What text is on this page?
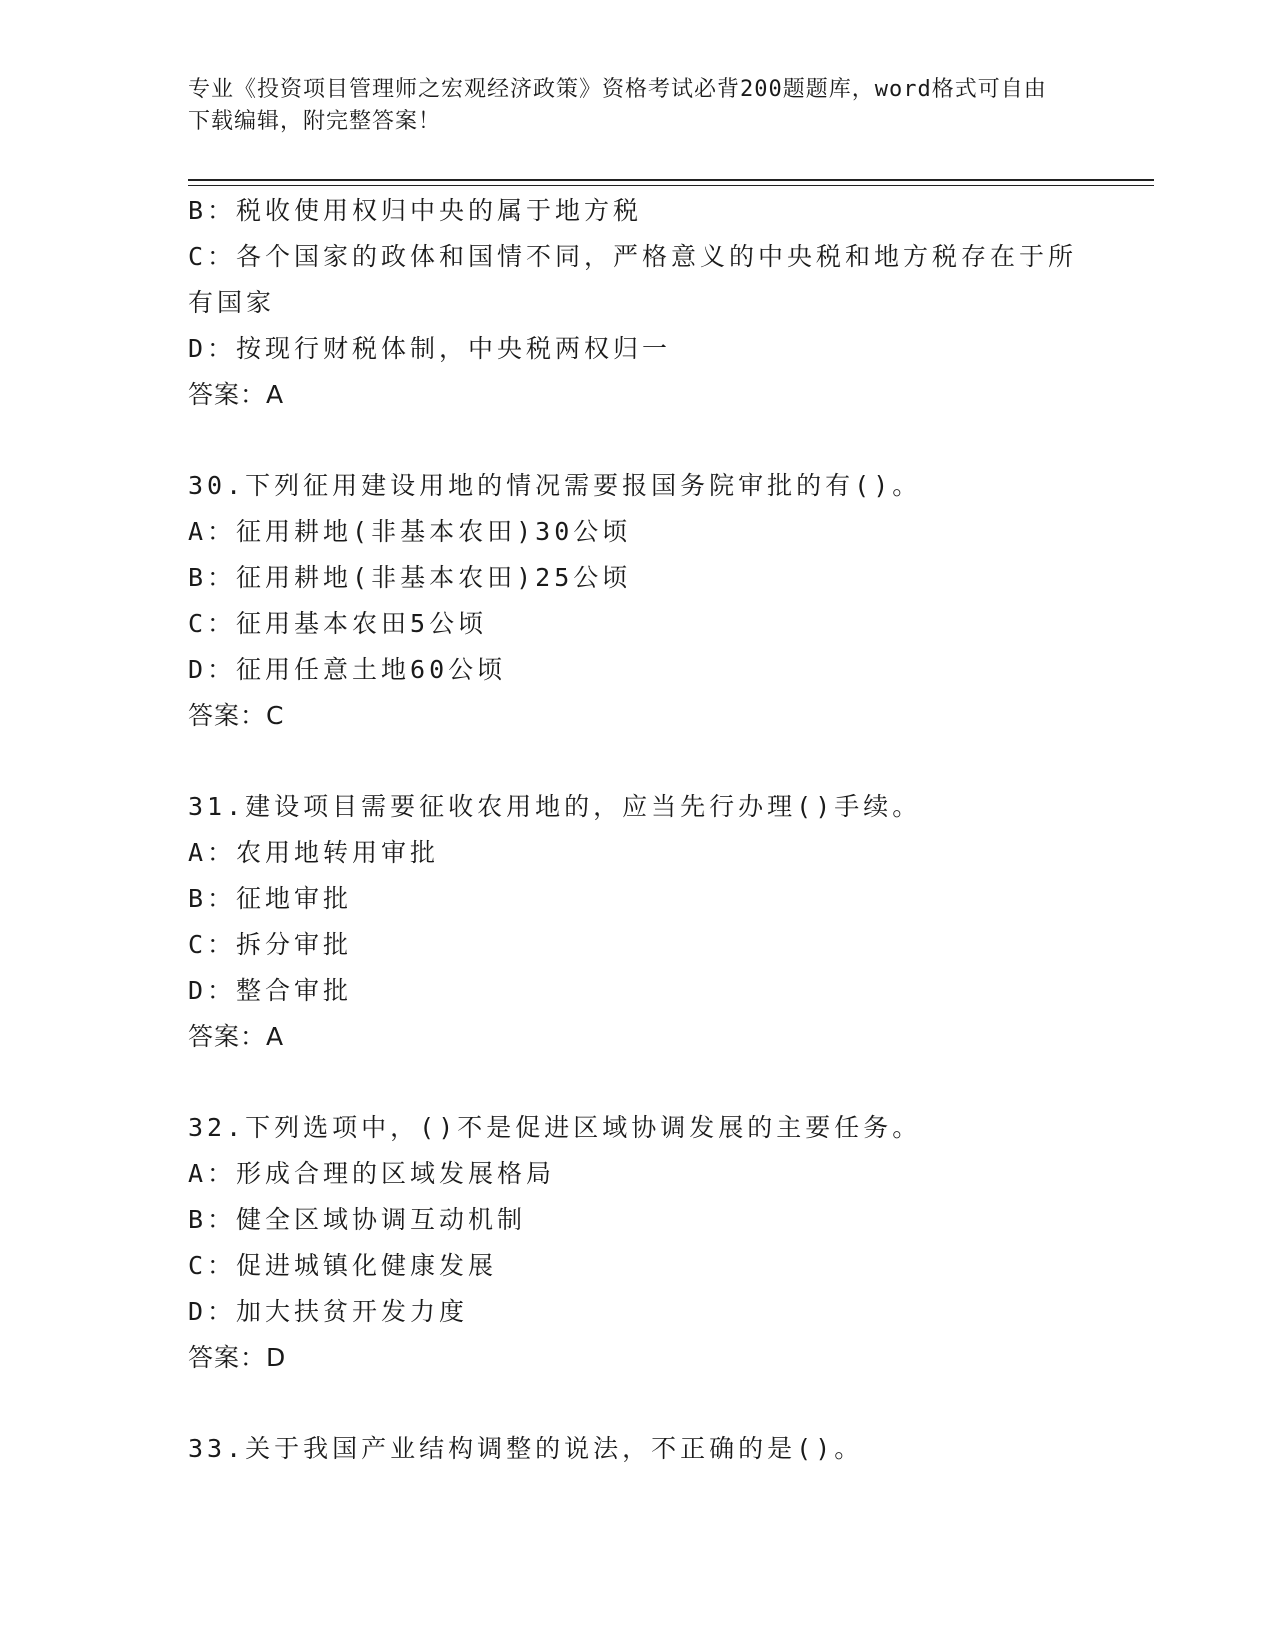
专业《投资项目管理师之宏观经济政策》资格考试必背200题题库，word格式可自由下载编辑，附完整答案！
B：税收使用权归中央的属于地方税
C：各个国家的政体和国情不同，严格意义的中央税和地方税存在于所有国家
D：按现行财税体制，中央税两权归一
答案：A
30.下列征用建设用地的情况需要报国务院审批的有()。
A：征用耕地(非基本农田)30公顷
B：征用耕地(非基本农田)25公顷
C：征用基本农田5公顷
D：征用任意土地60公顷
答案：C
31.建设项目需要征收农用地的，应当先行办理()手续。
A：农用地转用审批
B：征地审批
C：拆分审批
D：整合审批
答案：A
32.下列选项中，()不是促进区域协调发展的主要任务。
A：形成合理的区域发展格局
B：健全区域协调互动机制
C：促进城镇化健康发展
D：加大扶贫开发力度
答案：D
33.关于我国产业结构调整的说法，不正确的是()。
